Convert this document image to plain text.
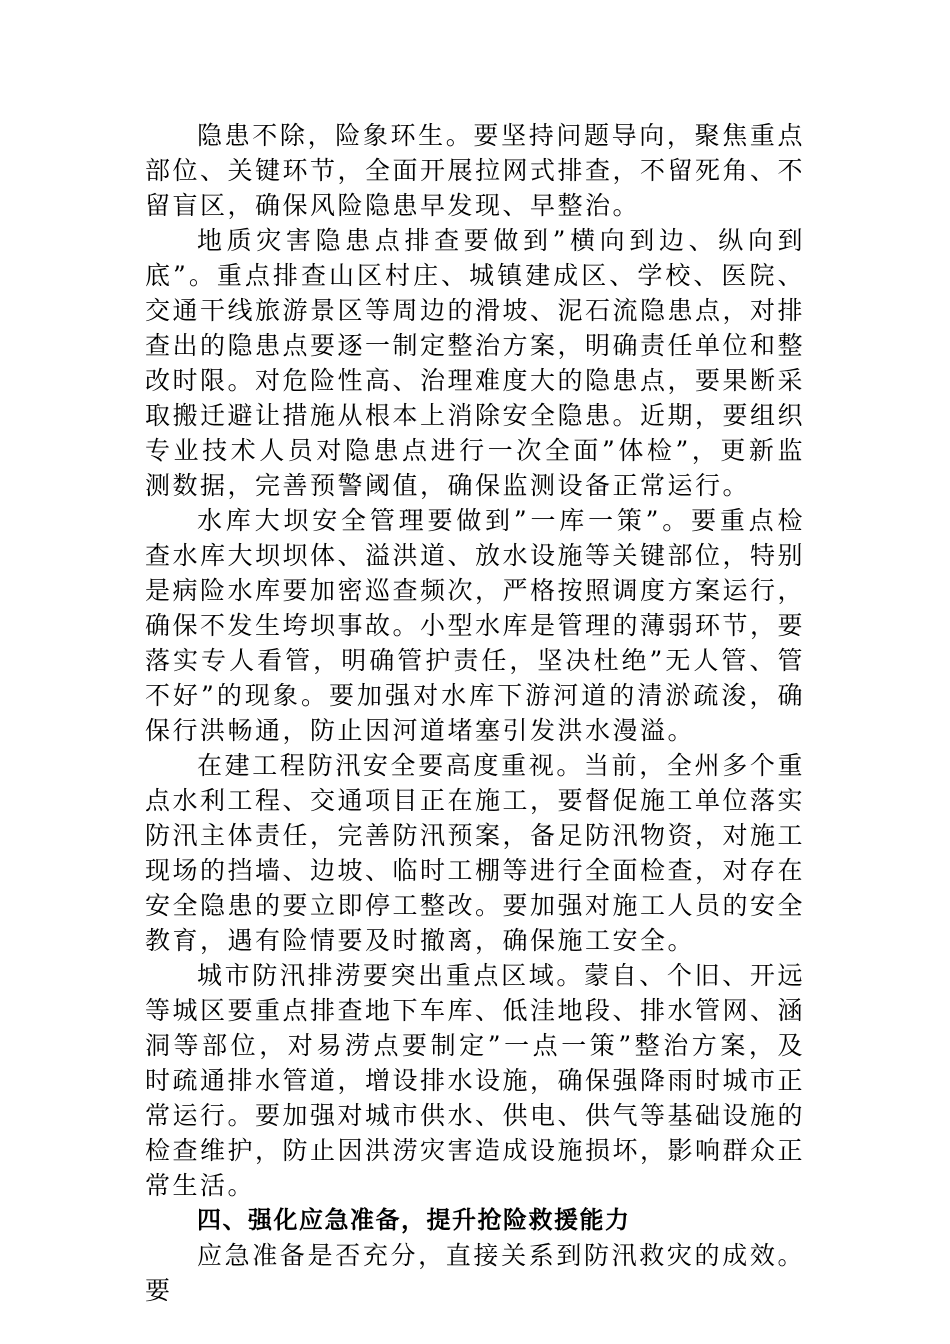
隐患不除，险象环生。要坚持问题导向，聚焦重点部位、关键环节，全面开展拉网式排查，不留死角、不留盲区，确保风险隐患早发现、早整治。

地质灾害隐患点排查要做到”横向到边、纵向到底”。重点排查山区村庄、城镇建成区、学校、医院、交通干线旅游景区等周边的滑坡、泥石流隐患点，对排查出的隐患点要逐一制定整治方案，明确责任单位和整改时限。对危险性高、治理难度大的隐患点，要果断采取搬迁避让措施从根本上消除安全隐患。近期，要组织专业技术人员对隐患点进行一次全面”体检”，更新监测数据，完善预警阈值，确保监测设备正常运行。

水库大坝安全管理要做到”一库一策”。要重点检查水库大坝坝体、溢洪道、放水设施等关键部位，特别是病险水库要加密巡查频次，严格按照调度方案运行，确保不发生垮坝事故。小型水库是管理的薄弱环节，要落实专人看管，明确管护责任，坚决杜绝”无人管、管不好”的现象。要加强对水库下游河道的清淤疏浚，确保行洪畅通，防止因河道堵塞引发洪水漫溢。

在建工程防汛安全要高度重视。当前，全州多个重点水利工程、交通项目正在施工，要督促施工单位落实防汛主体责任，完善防汛预案，备足防汛物资，对施工现场的挡墙、边坡、临时工棚等进行全面检查，对存在安全隐患的要立即停工整改。要加强对施工人员的安全教育，遇有险情要及时撤离，确保施工安全。

城市防汛排涝要突出重点区域。蒙自、个旧、开远等城区要重点排查地下车库、低洼地段、排水管网、涵洞等部位，对易涝点要制定”一点一策”整治方案，及时疏通排水管道，增设排水设施，确保强降雨时城市正常运行。要加强对城市供水、供电、供气等基础设施的检查维护，防止因洪涝灾害造成设施损坏，影响群众正常生活。

四、强化应急准备，提升抢险救援能力

应急准备是否充分，直接关系到防汛救灾的成效。要
